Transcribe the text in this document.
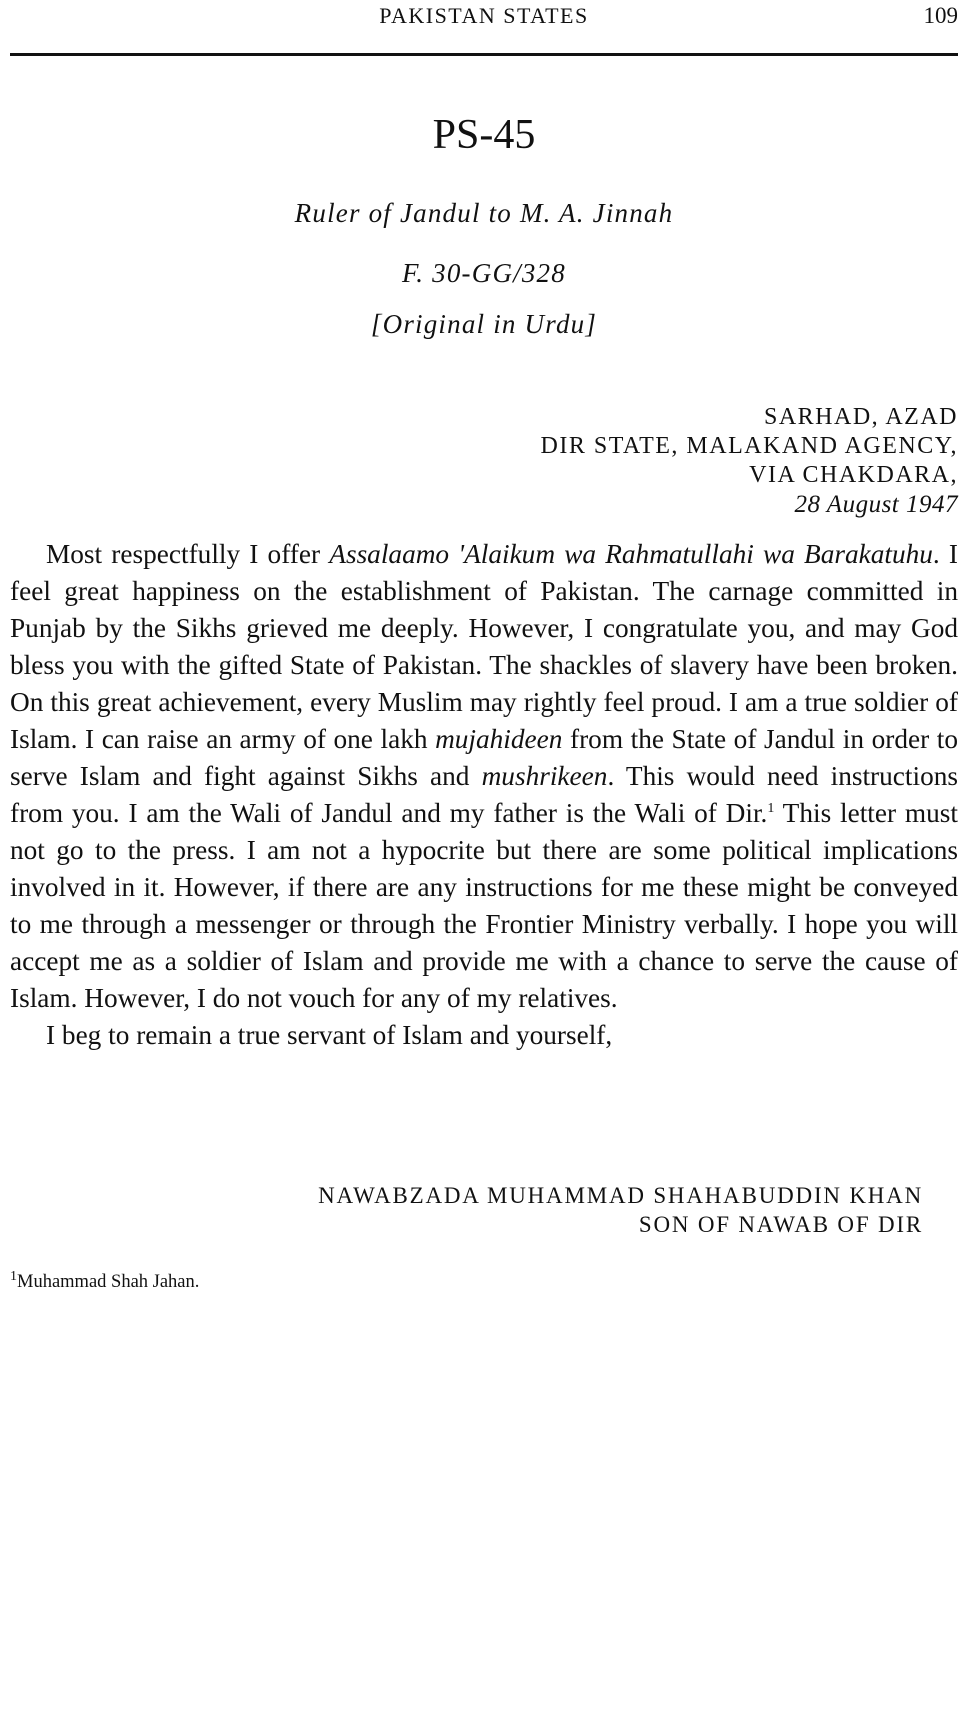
PAKISTAN STATES	109
PS-45
Ruler of Jandul to M. A. Jinnah
F. 30-GG/328
[Original in Urdu]
SARHAD, AZAD
DIR STATE, MALAKAND AGENCY,
VIA CHAKDARA,
28 August 1947

Most respectfully I offer Assalaamo 'Alaikum wa Rahmatullahi wa Barakatuhu. I feel great happiness on the establishment of Pakistan. The carnage committed in Punjab by the Sikhs grieved me deeply. However, I congratulate you, and may God bless you with the gifted State of Pakistan. The shackles of slavery have been broken. On this great achievement, every Muslim may rightly feel proud. I am a true soldier of Islam. I can raise an army of one lakh mujahideen from the State of Jandul in order to serve Islam and fight against Sikhs and mushrikeen. This would need instructions from you. I am the Wali of Jandul and my father is the Wali of Dir.$^1$ This letter must not go to the press. I am not a hypocrite but there are some political implications involved in it. However, if there are any instructions for me these might be conveyed to me through a messenger or through the Frontier Ministry verbally. I hope you will accept me as a soldier of Islam and provide me with a chance to serve the cause of Islam. However, I do not vouch for any of my relatives.

I beg to remain a true servant of Islam and yourself,

NAWABZADA MUHAMMAD SHAHABUDDIN KHAN
SON OF NAWAB OF DIR
$^1$Muhammad Shah Jahan.
